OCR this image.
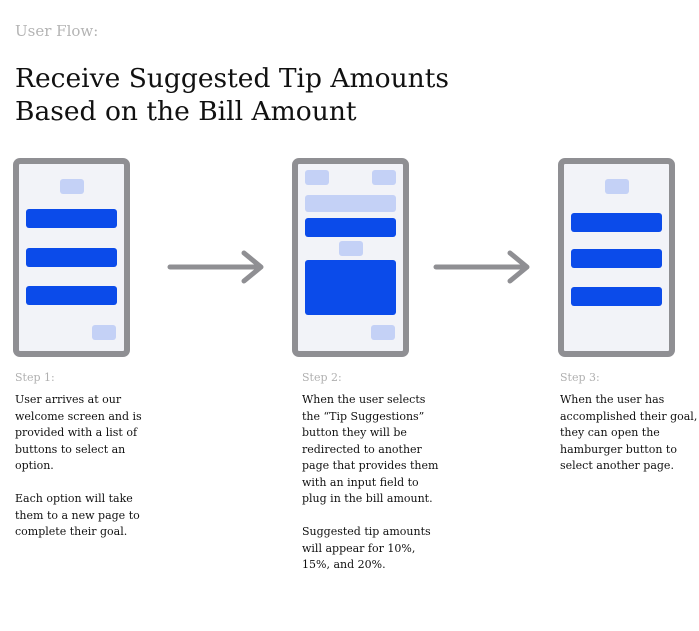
User Flow:
Receive Suggested Tip Amounts
Based on the Bill Amount
Step 1:
User arrives at our welcome screen and is provided with a list of buttons to select an option.

Each option will take them to a new page to complete their goal.
Step 2:
When the user selects the “Tip Suggestions” button they will be redirected to another page that provides them with an input field to plug in the bill amount.

Suggested tip amounts will appear for 10%, 15%, and 20%.
Step 3:
When the user has accomplished their goal, they can open the hamburger button to select another page.
